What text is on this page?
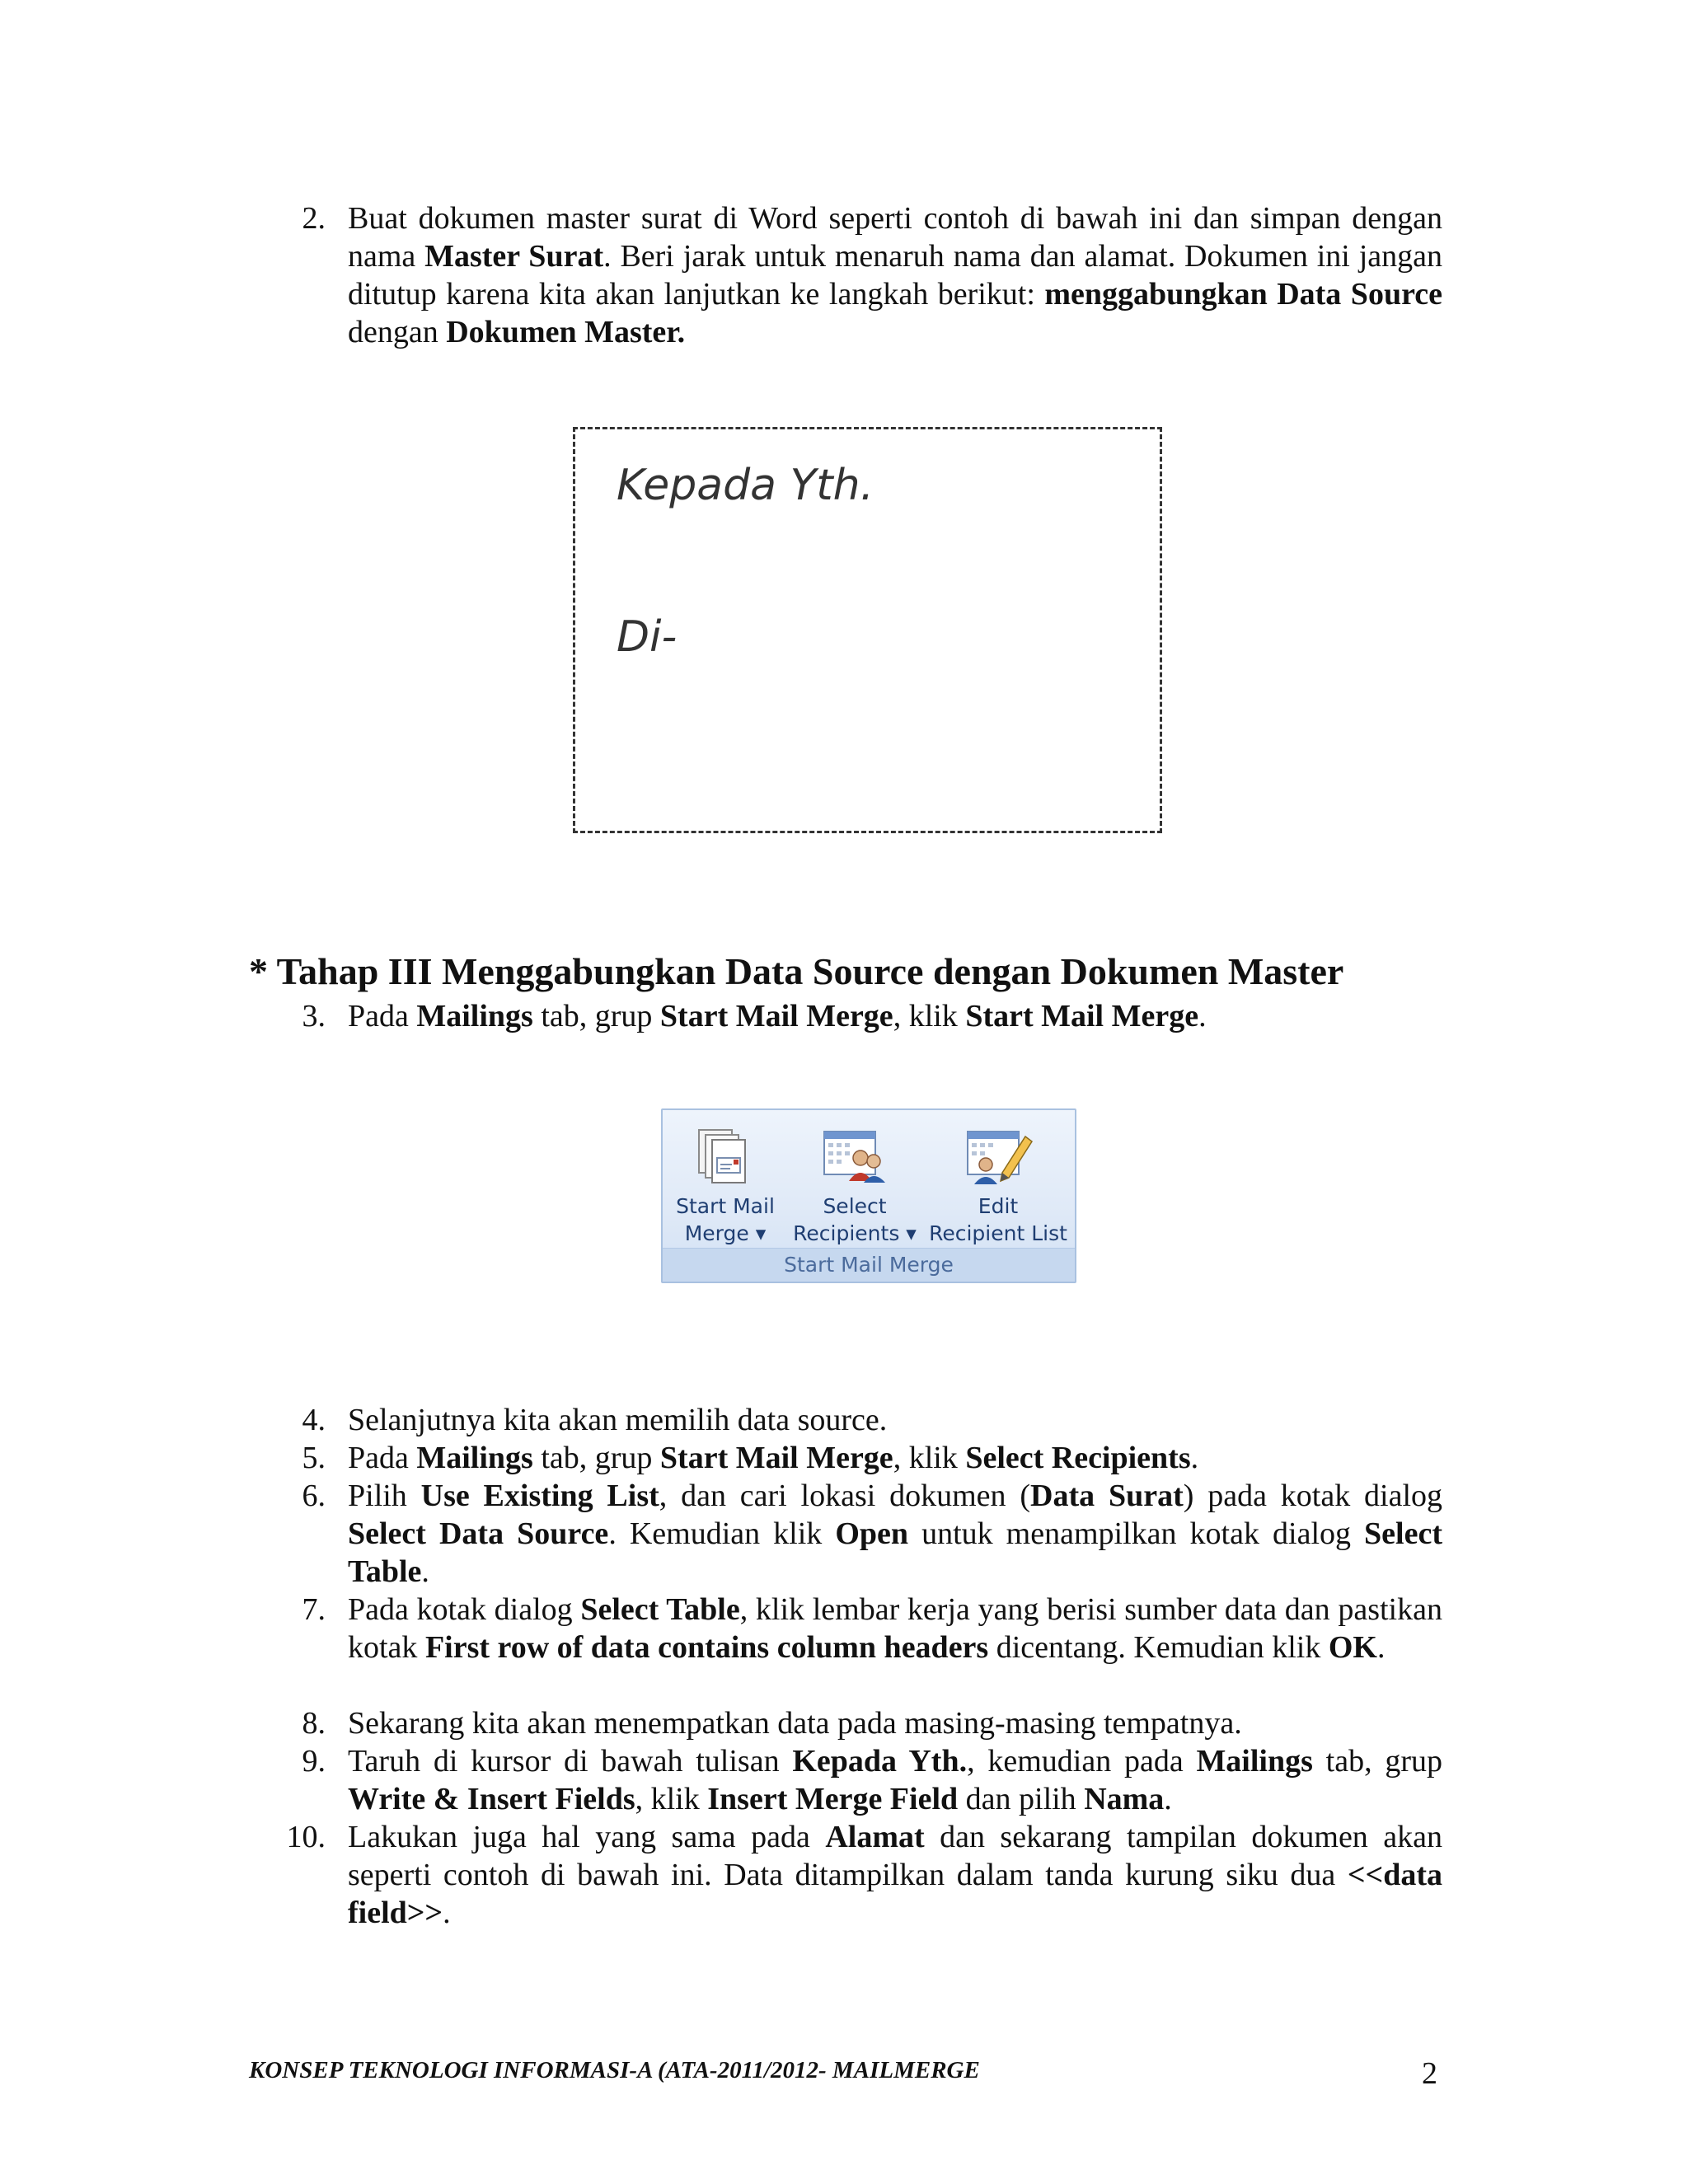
2. Buat dokumen master surat di Word seperti contoh di bawah ini dan simpan dengan nama Master Surat. Beri jarak untuk menaruh nama dan alamat. Dokumen ini jangan ditutup karena kita akan lanjutkan ke langkah berikut: menggabungkan Data Source dengan Dokumen Master.
Kepada Yth.
Di-
* Tahap III Menggabungkan Data Source dengan Dokumen Master
3. Pada Mailings tab, grup Start Mail Merge, klik Start Mail Merge.
Start Mail
Merge ▾
Select
Recipients ▾
Edit
Recipient List
Start Mail Merge
4. Selanjutnya kita akan memilih data source.
5. Pada Mailings tab, grup Start Mail Merge, klik Select Recipients.
6. Pilih Use Existing List, dan cari lokasi dokumen (Data Surat) pada kotak dialog Select Data Source. Kemudian klik Open untuk menampilkan kotak dialog Select Table.
7. Pada kotak dialog Select Table, klik lembar kerja yang berisi sumber data dan pastikan kotak First row of data contains column headers dicentang. Kemudian klik OK.
8. Sekarang kita akan menempatkan data pada masing-masing tempatnya.
9. Taruh di kursor di bawah tulisan Kepada Yth., kemudian pada Mailings tab, grup Write & Insert Fields, klik Insert Merge Field dan pilih Nama.
10. Lakukan juga hal yang sama pada Alamat dan sekarang tampilan dokumen akan seperti contoh di bawah ini. Data ditampilkan dalam tanda kurung siku dua <<data field>>.
KONSEP TEKNOLOGI INFORMASI-A (ATA-2011/2012- MAILMERGE	2
